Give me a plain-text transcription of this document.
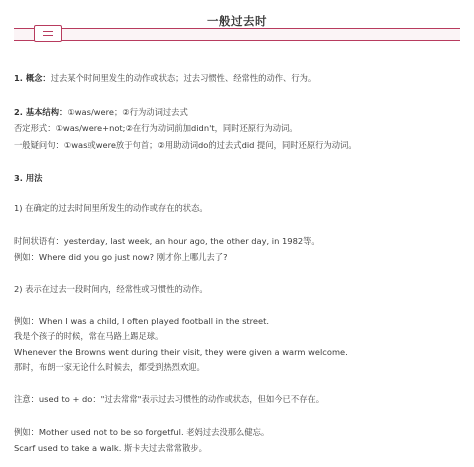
一般过去时
1. 概念：过去某个时间里发生的动作或状态；过去习惯性、经常性的动作、行为。
2. 基本结构：①was/were；②行为动词过去式
否定形式：①was/were+not;②在行为动词前加didn't，同时还原行为动词。
一般疑问句：①was或were放于句首；②用助动词do的过去式did 提问，同时还原行为动词。
3. 用法
1) 在确定的过去时间里所发生的动作或存在的状态。
时间状语有：yesterday, last week, an hour ago, the other day, in 1982等。
例如：Where did you go just now? 刚才你上哪儿去了?
2) 表示在过去一段时间内，经常性或习惯性的动作。
例如：When I was a child, I often played football in the street.
我是个孩子的时候，常在马路上踢足球。
Whenever the Browns went during their visit, they were given a warm welcome.
那时，布朗一家无论什么时候去，都受到热烈欢迎。
注意：used to + do："过去常常"表示过去习惯性的动作或状态，但如今已不存在。
例如：Mother used not to be so forgetful. 老妈过去没那么健忘。
Scarf used to take a walk. 斯卡夫过去常常散步。
